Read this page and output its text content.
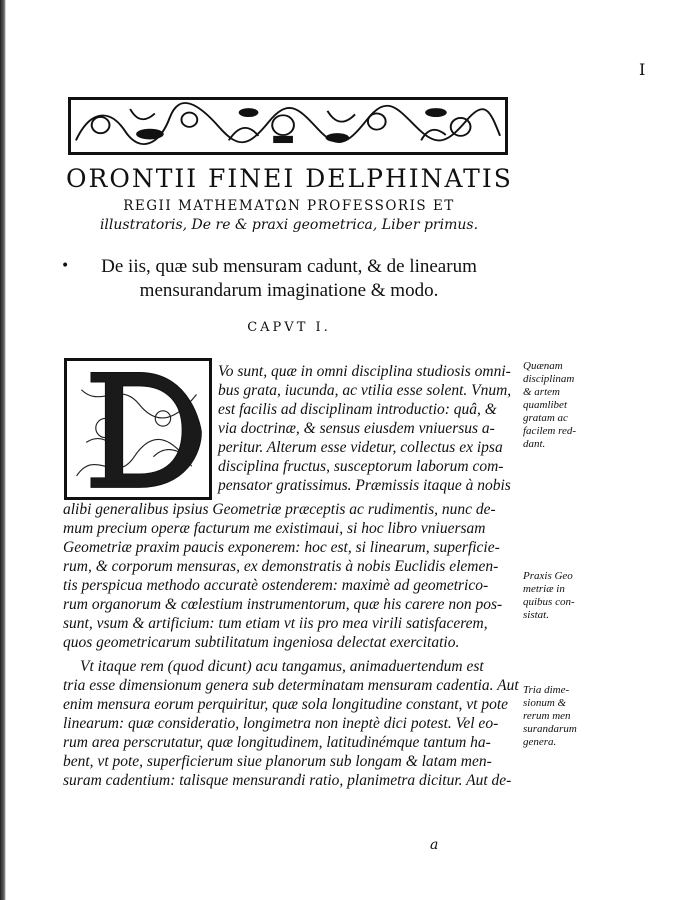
I
ORONTII FINEI DELPHINATIS
REGII MATHEMATΩN PROFESSORIS ET
illustratoris, De re & praxi geometrica, Liber primus.
•	De iis, quæ sub mensuram cadunt, & de linearum
mensurandarum imaginatione & modo.
CAPVT I.
Vo sunt, quæ in omni disciplina studiosis omni-
bus grata, iucunda, ac vtilia esse solent. Vnum,
est facilis ad disciplinam introductio: quâ, &
via doctrinæ, & sensus eiusdem vniuersus a-
peritur. Alterum esse videtur, collectus ex ipsa
disciplina fructus, susceptorum laborum com-
pensator gratissimus. Præmissis itaque à nobis
alibi generalibus ipsius Geometriæ præceptis ac rudimentis, nunc de-
mum precium operæ facturum me existimaui, si hoc libro vniuersam
Geometriæ praxim paucis exponerem: hoc est, si linearum, superficie-
rum, & corporum mensuras, ex demonstratis à nobis Euclidis elemen-
tis perspicua methodo accuratè ostenderem: maximè ad geometrico-
rum organorum & cœlestium instrumentorum, quæ his carere non pos-
sunt, vsum & artificium: tum etiam vt iis pro mea virili satisfacerem,
quos geometricarum subtilitatum ingeniosa delectat exercitatio.
Vt itaque rem (quod dicunt) acu tangamus, animaduertendum est
tria esse dimensionum genera sub determinatam mensuram cadentia. Aut
enim mensura eorum perquiritur, quæ sola longitudine constant, vt pote
linearum: quæ consideratio, longimetra non ineptè dici potest. Vel eo-
rum area perscrutatur, quæ longitudinem, latitudinémque tantum ha-
bent, vt pote, superficierum siue planorum sub longam & latam men-
suram cadentium: talisque mensurandi ratio, planimetra dicitur. Aut de-
Quænam
disciplinam
& artem
quamlibet
gratam ac
facilem red-
dant.
Praxis Geo
metriæ in
quibus con-
sistat.
Tria dime-
sionum &
rerum men
surandarum
genera.
a
